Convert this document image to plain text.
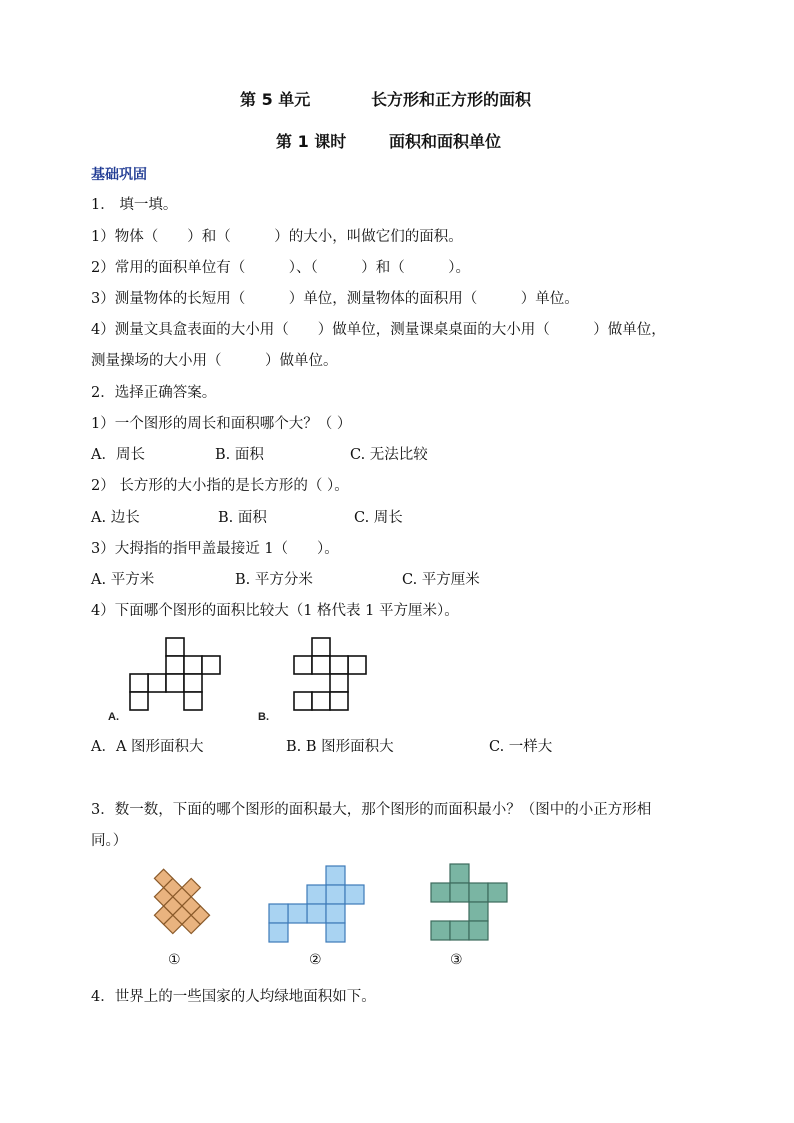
第 5 单元	长方形和正方形的面积
第 1 课时	面积和面积单位
基础巩固
1． 填一填。
1）物体（　　）和（　　　）的大小，叫做它们的面积。
2）常用的面积单位有（　　　）、（　　　）和（　　　）。
3）测量物体的长短用（　　　）单位，测量物体的面积用（　　　）单位。
4）测量文具盒表面的大小用（　　）做单位，测量课桌桌面的大小用（　　　）做单位，
测量操场的大小用（　　　）做单位。
2．选择正确答案。
1）一个图形的周长和面积哪个大？（ ）
A．周长	B. 面积	C. 无法比较
2） 长方形的大小指的是长方形的（ ）。
A. 边长	B. 面积	C. 周长
3）大拇指的指甲盖最接近 1（　　）。
A. 平方米	B. 平方分米	C. 平方厘米
4）下面哪个图形的面积比较大（1 格代表 1 平方厘米）。
A.	B.
A．A 图形面积大	B. B 图形面积大	C. 一样大
3．数一数，下面的哪个图形的面积最大，那个图形的而面积最小？（图中的小正方形相
同。）
①	②	③
4．世界上的一些国家的人均绿地面积如下。
